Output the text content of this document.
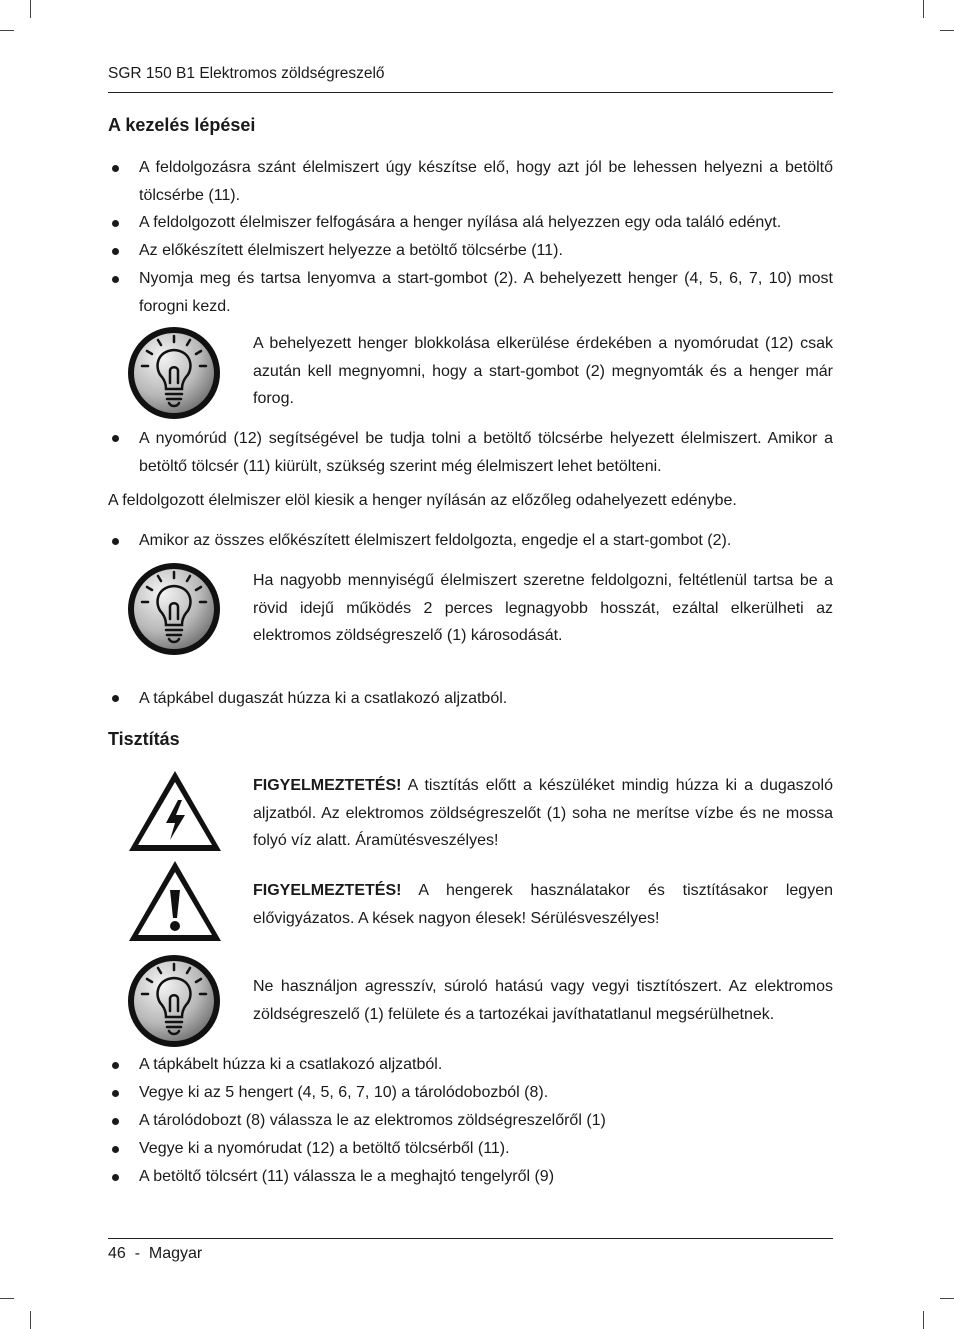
SGR 150 B1 Elektromos zöldségreszelő
A kezelés lépései
A feldolgozásra szánt élelmiszert úgy készítse elő, hogy azt jól be lehessen helyezni a betöltő tölcsérbe (11).
A feldolgozott élelmiszer felfogására a henger nyílása alá helyezzen egy oda találó edényt.
Az előkészített élelmiszert helyezze a betöltő tölcsérbe (11).
Nyomja meg és tartsa lenyomva a start-gombot (2). A behelyezett henger (4, 5, 6, 7, 10) most forogni kezd.
A behelyezett henger blokkolása elkerülése érdekében a nyomórudat (12) csak azután kell megnyomni, hogy a start-gombot (2) megnyomták és a henger már forog.
A nyomórúd (12) segítségével be tudja tolni a betöltő tölcsérbe helyezett élelmiszert. Amikor a betöltő tölcsér (11) kiürült, szükség szerint még élelmiszert lehet betölteni.
A feldolgozott élelmiszer elöl kiesik a henger nyílásán az előzőleg odahelyezett edénybe.
Amikor az összes előkészített élelmiszert feldolgozta, engedje el a start-gombot (2).
Ha nagyobb mennyiségű élelmiszert szeretne feldolgozni, feltétlenül tartsa be a rövid idejű működés 2 perces legnagyobb hosszát, ezáltal elkerülheti az elektromos zöldségreszelő (1) károsodását.
A tápkábel dugaszát húzza ki a csatlakozó aljzatból.
Tisztítás
FIGYELMEZTETÉS! A tisztítás előtt a készüléket mindig húzza ki a dugaszoló aljzatból. Az elektromos zöldségreszelőt (1) soha ne merítse vízbe és ne mossa folyó víz alatt. Áramütésveszélyes!
FIGYELMEZTETÉS! A hengerek használatakor és tisztításakor legyen elővigyázatos. A kések nagyon élesek! Sérülésveszélyes!
Ne használjon agresszív, súroló hatású vagy vegyi tisztítószert. Az elektromos zöldségreszelő (1) felülete és a tartozékai javíthatatlanul megsérülhetnek.
A tápkábelt húzza ki a csatlakozó aljzatból.
Vegye ki az 5 hengert (4, 5, 6, 7, 10) a tárolódobozból (8).
A tárolódobozt (8) válassza le az elektromos zöldségreszelőről (1)
Vegye ki a nyomórudat (12) a betöltő tölcsérből (11).
A betöltő tölcsért (11) válassza le a meghajtó tengelyről (9)
46  -  Magyar
